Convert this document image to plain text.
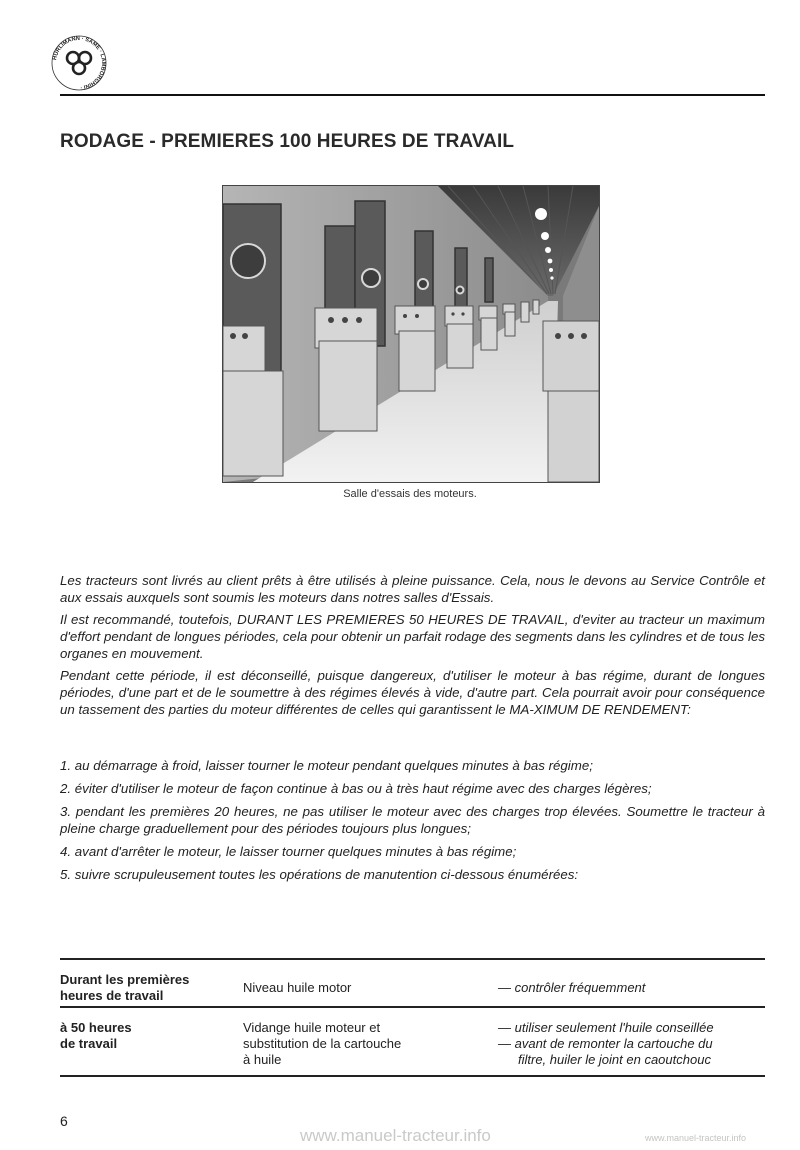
HÜRLIMANN · SAME · LAMBORGHINI ·
RODAGE - PREMIERES 100 HEURES DE TRAVAIL
Salle d'essais des moteurs.

Les tracteurs sont livrés au client prêts à être utilisés à pleine puissance. Cela, nous le devons au Service Contrôle et aux essais auxquels sont soumis les moteurs dans notres salles d'Essais.

Il est recommandé, toutefois, DURANT LES PREMIERES 50 HEURES DE TRAVAIL, d'eviter au tracteur un maximum d'effort pendant de longues périodes, cela pour obtenir un parfait rodage des segments dans les cylindres et de tous les organes en mouvement.

Pendant cette période, il est déconseillé, puisque dangereux, d'utiliser le moteur à bas régime, durant de longues périodes, d'une part et de le soumettre à des régimes élevés à vide, d'autre part. Cela pourrait avoir pour conséquence un tassement des parties du moteur différentes de celles qui garantissent le MA-XIMUM DE RENDEMENT:

1. au démarrage à froid, laisser tourner le moteur pendant quelques minutes à bas régime;

2. éviter d'utiliser le moteur de façon continue à bas ou à très haut régime avec des charges légères;

3. pendant les premières 20 heures, ne pas utiliser le moteur avec des charges trop élevées. Soumettre le tracteur à pleine charge graduellement pour des périodes toujours plus longues;

4. avant d'arrêter le moteur, le laisser tourner quelques minutes à bas régime;

5. suivre scrupuleusement toutes les opérations de manutention ci-dessous énumérées:

Durant les premières
heures de travail
Niveau huile motor	— contrôler fréquemment
à 50 heures
de travail
Vidange huile moteur et
substitution de la cartouche
à huile
— utiliser seulement l'huile conseillée
— avant de remonter la cartouche du
filtre, huiler le joint en caoutchouc
6
www.manuel-tracteur.info	www.manuel-tracteur.info
